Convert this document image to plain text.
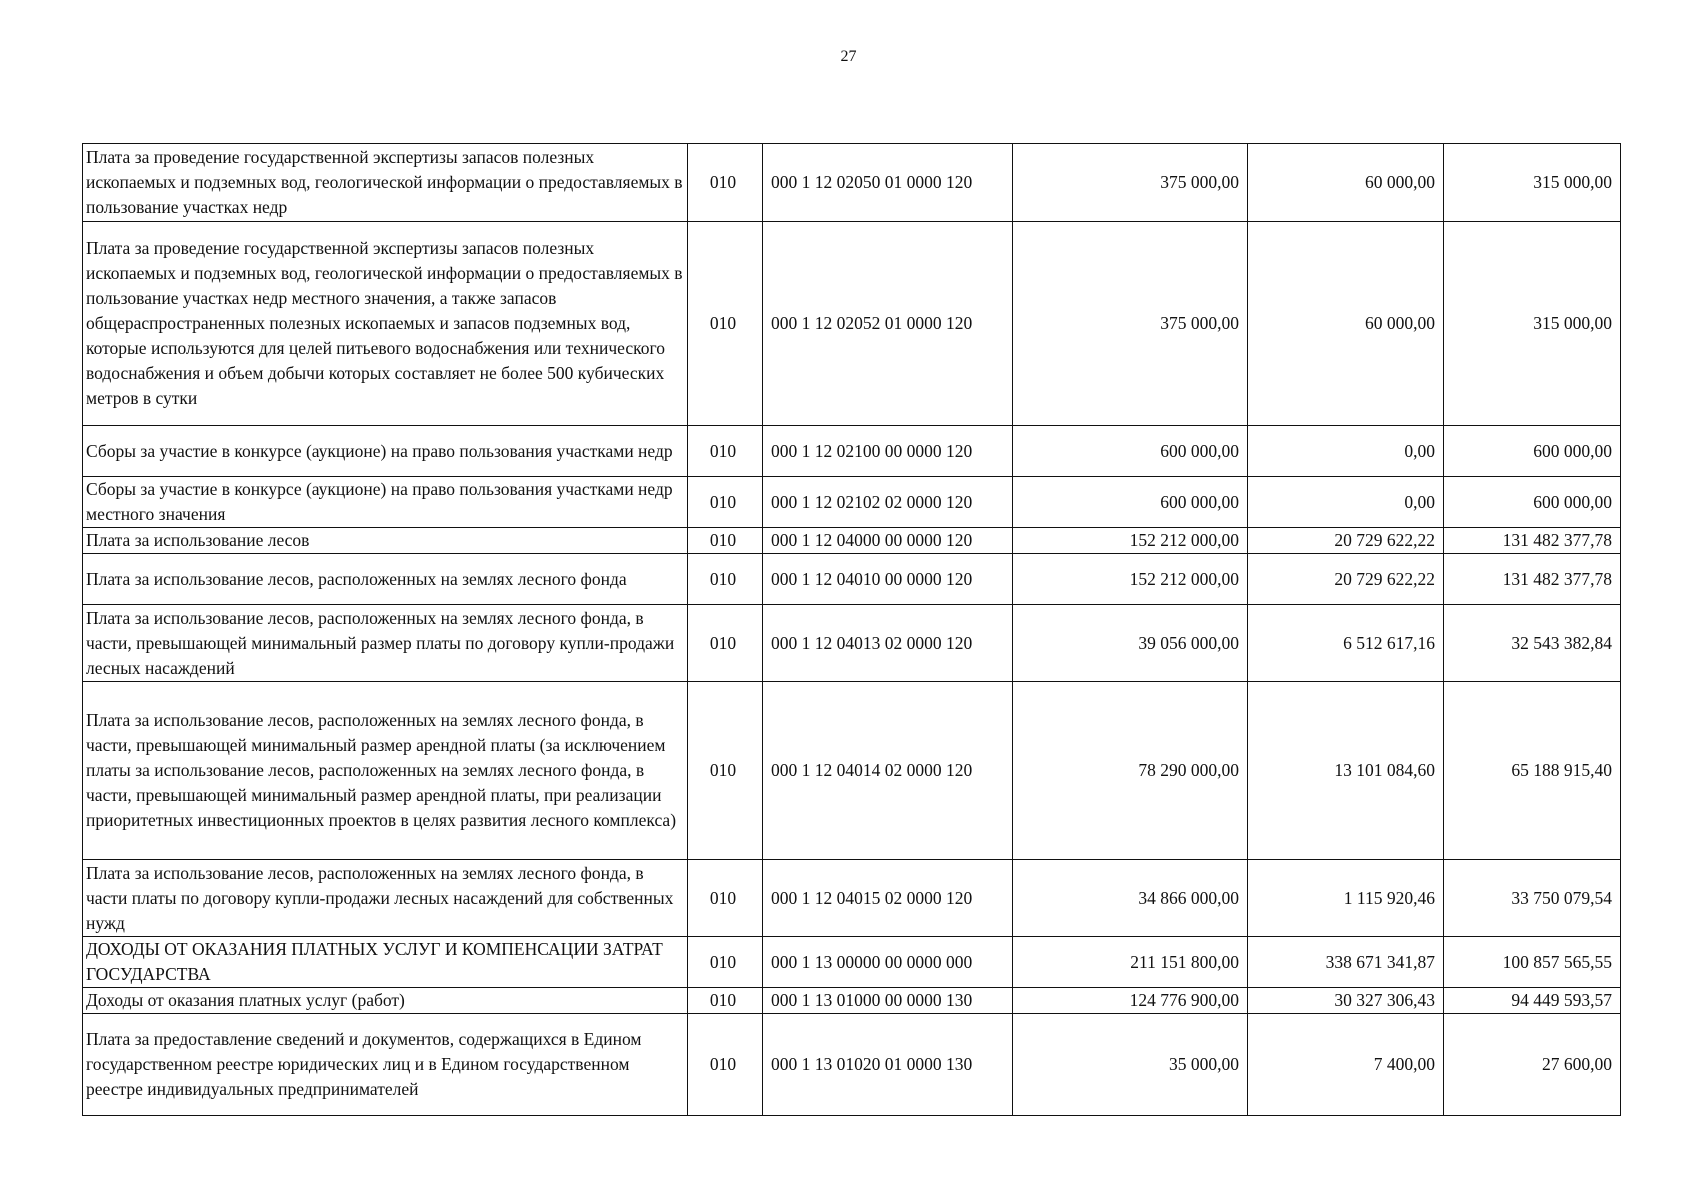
27
Плата за проведение государственной экспертизы запасов полезных ископаемых и подземных вод, геологической информации о предоставляемых в пользование участках недр	010	000 1 12 02050 01 0000 120	375 000,00	60 000,00	315 000,00
Плата за проведение государственной экспертизы запасов полезных ископаемых и подземных вод, геологической информации о предоставляемых в пользование участках недр местного значения, а также запасов общераспространенных полезных ископаемых и запасов подземных вод, которые используются для целей питьевого водоснабжения или технического водоснабжения и объем добычи которых составляет не более 500 кубических метров в сутки	010	000 1 12 02052 01 0000 120	375 000,00	60 000,00	315 000,00
Сборы за участие в конкурсе (аукционе) на право пользования участками недр	010	000 1 12 02100 00 0000 120	600 000,00	0,00	600 000,00
Сборы за участие в конкурсе (аукционе) на право пользования участками недр местного значения	010	000 1 12 02102 02 0000 120	600 000,00	0,00	600 000,00
Плата за использование лесов	010	000 1 12 04000 00 0000 120	152 212 000,00	20 729 622,22	131 482 377,78
Плата за использование лесов, расположенных на землях лесного фонда	010	000 1 12 04010 00 0000 120	152 212 000,00	20 729 622,22	131 482 377,78
Плата за использование лесов, расположенных на землях лесного фонда, в части, превышающей минимальный размер платы по договору купли-продажи лесных насаждений	010	000 1 12 04013 02 0000 120	39 056 000,00	6 512 617,16	32 543 382,84
Плата за использование лесов, расположенных на землях лесного фонда, в части, превышающей минимальный размер арендной платы (за исключением платы за использование лесов, расположенных на землях лесного фонда, в части, превышающей минимальный размер арендной платы, при реализации приоритетных инвестиционных проектов в целях развития лесного комплекса)	010	000 1 12 04014 02 0000 120	78 290 000,00	13 101 084,60	65 188 915,40
Плата за использование лесов, расположенных на землях лесного фонда, в части платы по договору купли-продажи лесных насаждений для собственных нужд	010	000 1 12 04015 02 0000 120	34 866 000,00	1 115 920,46	33 750 079,54
ДОХОДЫ ОТ ОКАЗАНИЯ ПЛАТНЫХ УСЛУГ И КОМПЕНСАЦИИ ЗАТРАТ ГОСУДАРСТВА	010	000 1 13 00000 00 0000 000	211 151 800,00	338 671 341,87	100 857 565,55
Доходы от оказания платных услуг (работ)	010	000 1 13 01000 00 0000 130	124 776 900,00	30 327 306,43	94 449 593,57
Плата за предоставление сведений и документов, содержащихся в Едином государственном реестре юридических лиц и в Едином государственном реестре индивидуальных предпринимателей	010	000 1 13 01020 01 0000 130	35 000,00	7 400,00	27 600,00
